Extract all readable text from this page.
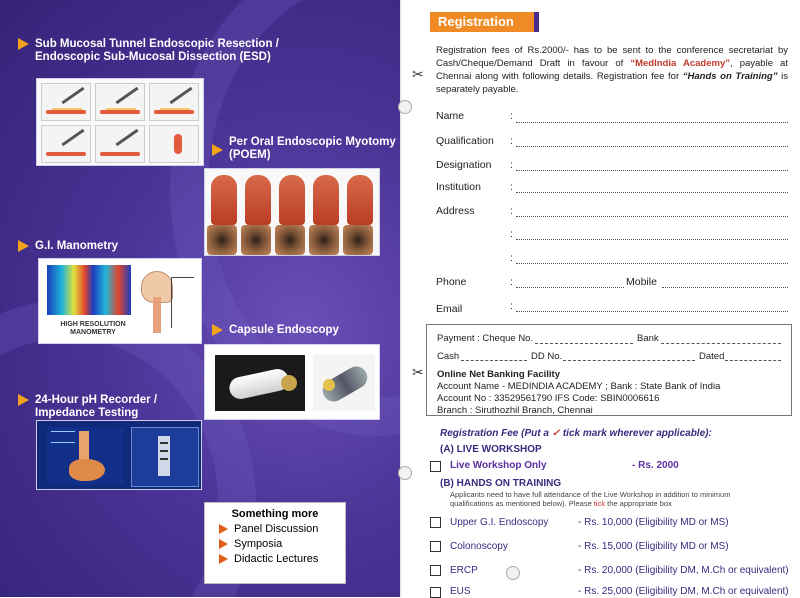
Sub Mucosal Tunnel Endoscopic Resection /
Endoscopic Sub-Mucosal Dissection (ESD)
Per Oral Endoscopic Myotomy
(POEM)
G.I. Manometry
HIGH RESOLUTION
MANOMETRY	Capsule Endoscopy
24-Hour pH Recorder /
Impedance Testing
Something more
Panel Discussion
Symposia
Didactic Lectures
Registration
✂
✂
Registration fees of Rs.2000/- has to be sent to the conference secretariat by Cash/Cheque/Demand Draft in favour of “MedIndia Academy”, payable at Chennai along with following details. Registration fee for “Hands on Training” is separately payable.
Name	:
Qualification :
Designation :
Institution	:
Address	:
:
:
Phone	:	Mobile
Email	:
Payment : Cheque No.	Bank
Cash	DD No.	Dated
Online Net Banking Facility
Account Name - MEDINDIA ACADEMY ; Bank : State Bank of India
Account No : 33529561790 IFS Code: SBIN0006616
Branch : Siruthozhil Branch, Chennai
Registration Fee (Put a ✓ tick mark wherever applicable):
(A) LIVE WORKSHOP
Live Workshop Only	- Rs. 2000
(B) HANDS ON TRAINING
Applicants need to have full attendance of the Live Workshop in addition to minimum qualifications as mentioned below). Please tick the appropriate box
Upper G.I. Endoscopy	- Rs. 10,000 (Eligibility MD or MS)
Colonoscopy	- Rs. 15,000 (Eligibility MD or MS)
ERCP	- Rs. 20,000 (Eligibility DM, M.Ch or equivalent)
EUS	- Rs. 25,000 (Eligibility DM, M.Ch or equivalent)
